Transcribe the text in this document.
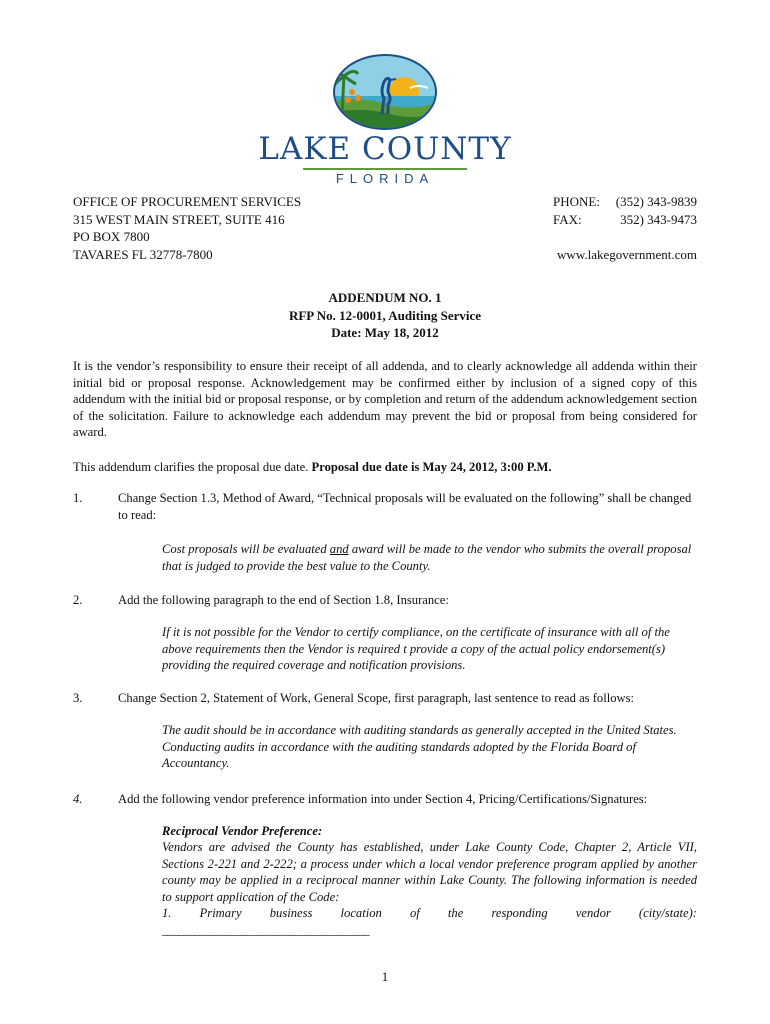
LAKE COUNTY
FLORIDA
OFFICE OF PROCUREMENT SERVICES
315 WEST MAIN STREET, SUITE 416
PO BOX 7800
TAVARES FL 32778-7800
PHONE: (352) 343-9839
FAX:	352) 343-9473
www.lakegovernment.com
ADDENDUM NO. 1
RFP No. 12-0001, Auditing Service
Date: May 18, 2012
It is the vendor’s responsibility to ensure their receipt of all addenda, and to clearly acknowledge all addenda within their initial bid or proposal response. Acknowledgement may be confirmed either by inclusion of a signed copy of this addendum with the initial bid or proposal response, or by completion and return of the addendum acknowledgement section of the solicitation. Failure to acknowledge each addendum may prevent the bid or proposal from being considered for award.
This addendum clarifies the proposal due date. Proposal due date is May 24, 2012, 3:00 P.M.
1.	Change Section 1.3, Method of Award, “Technical proposals will be evaluated on the following” shall be changed to read:
Cost proposals will be evaluated and award will be made to the vendor who submits the overall proposal that is judged to provide the best value to the County.
2.	Add the following paragraph to the end of Section 1.8, Insurance:
If it is not possible for the Vendor to certify compliance, on the certificate of insurance with all of the above requirements then the Vendor is required t provide a copy of the actual policy endorsement(s) providing the required coverage and notification provisions.
3.	Change Section 2, Statement of Work, General Scope, first paragraph, last sentence to read as follows:
The audit should be in accordance with auditing standards as generally accepted in the United States. Conducting audits in accordance with the auditing standards adopted by the Florida Board of Accountancy.
4.	Add the following vendor preference information into under Section 4, Pricing/Certifications/Signatures:
Reciprocal Vendor Preference:
Vendors are advised the County has established, under Lake County Code, Chapter 2, Article VII, Sections 2-221 and 2-222; a process under which a local vendor preference program applied by another county may be applied in a reciprocal manner within Lake County. The following information is needed to support application of the Code:
1. Primary business location of the responding vendor (city/state):
_______________________________________
1
